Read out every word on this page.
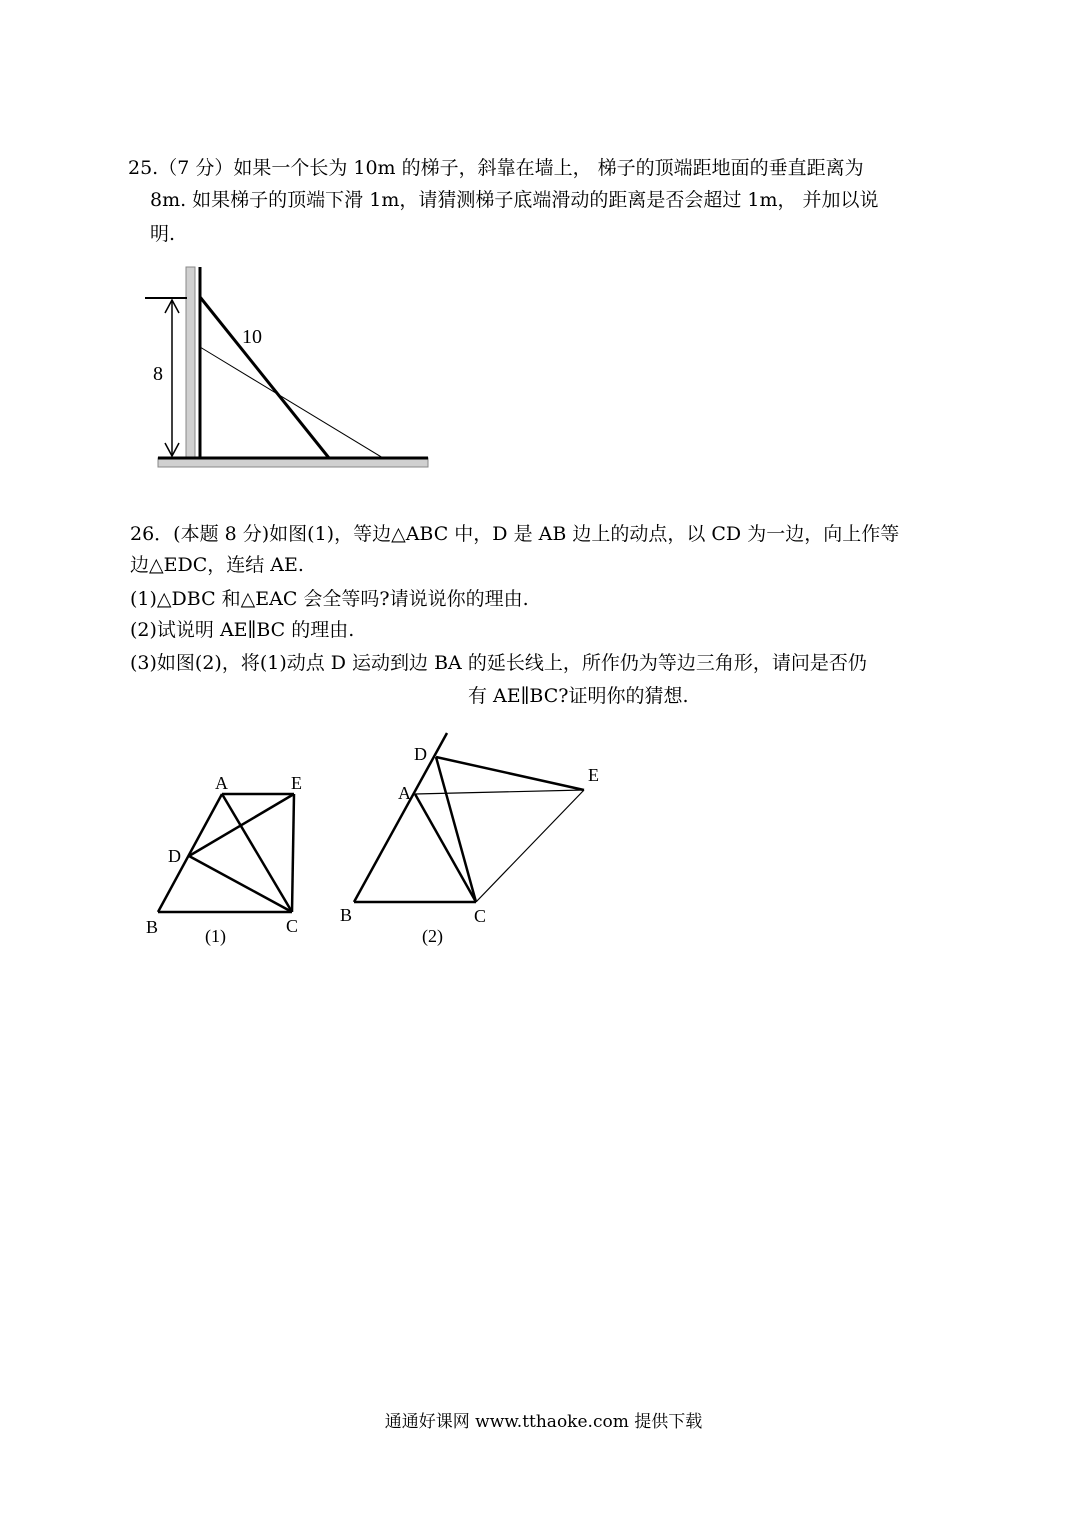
25.（7 分）如果一个长为 10m 的梯子，斜靠在墙上， 梯子的顶端距地面的垂直距离为

8m. 如果梯子的顶端下滑 1m，请猜测梯子底端滑动的距离是否会超过 1m， 并加以说

明.

10
8

26．(本题 8 分)如图(1)，等边△ABC 中，D 是 AB 边上的动点，以 CD 为一边，向上作等

边△EDC，连结 AE.

(1)△DBC 和△EAC 会全等吗?请说说你的理由.

(2)试说明 AE∥BC 的理由.

(3)如图(2)，将(1)动点 D 运动到边 BA 的延长线上，所作仍为等边三角形，请问是否仍

有 AE∥BC?证明你的猜想.

A	E
D
B	C
(1)
D
A
E
B	C
(2)
通通好课网 www.tthaoke.com 提供下载
